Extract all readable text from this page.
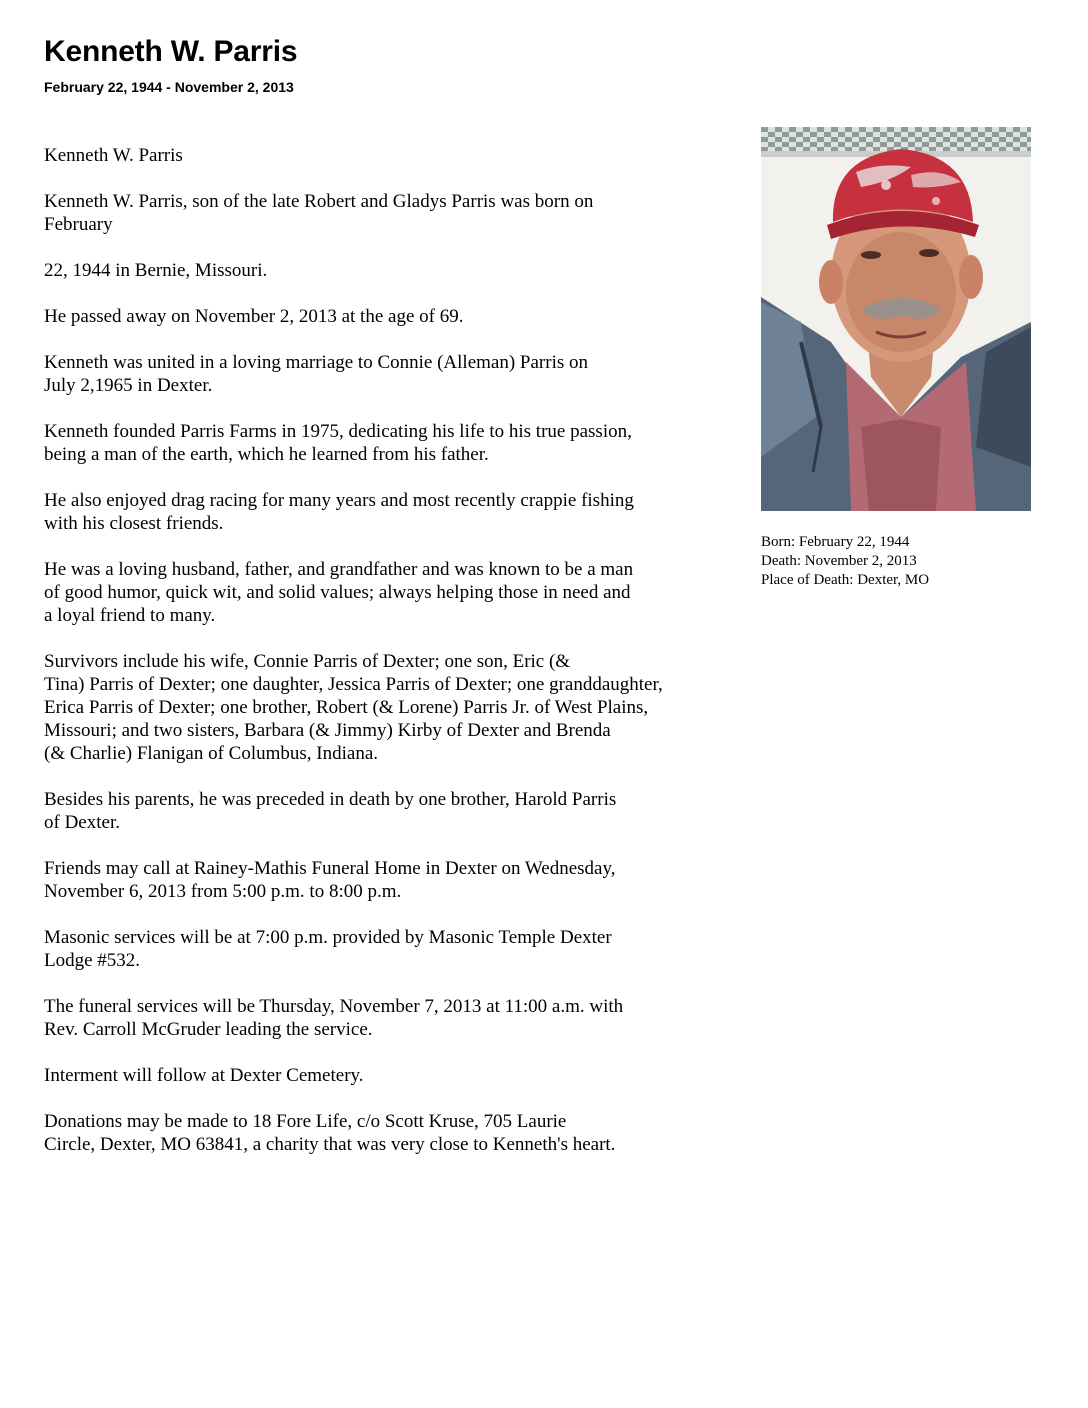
Kenneth W. Parris
February 22, 1944 - November 2, 2013

Kenneth W. Parris

Kenneth W. Parris, son of the late Robert and Gladys Parris was born on
February

22, 1944 in Bernie, Missouri.

He passed away on November 2, 2013 at the age of 69.

Kenneth was united in a loving marriage to Connie (Alleman) Parris on
July 2,1965 in Dexter.

Kenneth founded Parris Farms in 1975, dedicating his life to his true passion,
being a man of the earth, which he learned from his father.

He also enjoyed drag racing for many years and most recently crappie fishing
with his closest friends.

He was a loving husband, father, and grandfather and was known to be a man
of good humor, quick wit, and solid values; always helping those in need and
a loyal friend to many.

Survivors include his wife, Connie Parris of Dexter; one son, Eric (&
Tina) Parris of Dexter; one daughter, Jessica Parris of Dexter; one granddaughter,
Erica Parris of Dexter; one brother, Robert (& Lorene) Parris Jr. of West Plains,
Missouri; and two sisters, Barbara (& Jimmy) Kirby of Dexter and Brenda
(& Charlie) Flanigan of Columbus, Indiana.

Besides his parents, he was preceded in death by one brother, Harold Parris
of Dexter.

Friends may call at Rainey-Mathis Funeral Home in Dexter on Wednesday,
November 6, 2013 from 5:00 p.m. to 8:00 p.m.

Masonic services will be at 7:00 p.m. provided by Masonic Temple Dexter
Lodge #532.

The funeral services will be Thursday, November 7, 2013 at 11:00 a.m. with
Rev. Carroll McGruder leading the service.

Interment will follow at Dexter Cemetery.

Donations may be made to 18 Fore Life, c/o Scott Kruse, 705 Laurie
Circle, Dexter, MO 63841, a charity that was very close to Kenneth's heart.

Born: February 22, 1944
Death: November 2, 2013
Place of Death: Dexter, MO
